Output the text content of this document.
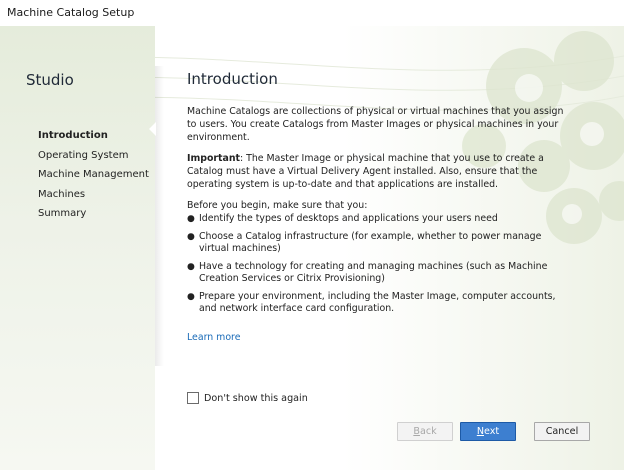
Machine Catalog Setup
Studio
Introduction
Operating System
Machine Management
Machines
Summary
Introduction

Machine Catalogs are collections of physical or virtual machines that you assign to users. You create Catalogs from Master Images or physical machines in your environment.

Important: The Master Image or physical machine that you use to create a Catalog must have a Virtual Delivery Agent installed. Also, ensure that the operating system is up-to-date and that applications are installed.

Before you begin, make sure that you:
● Identify the types of desktops and applications your users need
● Choose a Catalog infrastructure (for example, whether to power manage virtual machines)
● Have a technology for creating and managing machines (such as Machine Creation Services or Citrix Provisioning)
● Prepare your environment, including the Master Image, computer accounts, and network interface card configuration.
Learn more
Don't show this again
Back	Next	Cancel
